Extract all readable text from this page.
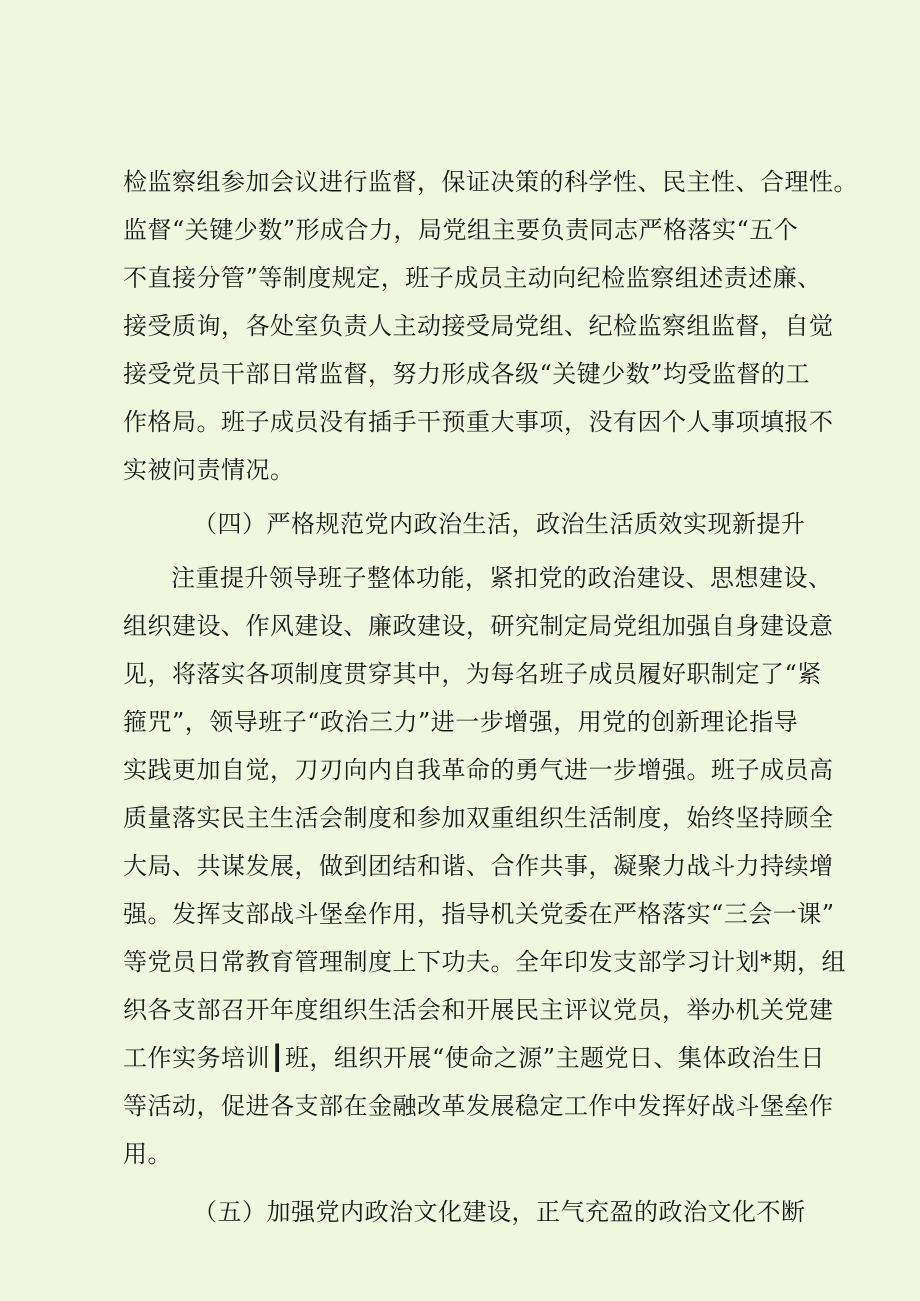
检监察组参加会议进行监督，保证决策的科学性、民主性、合理性。
监督“关键少数”形成合力，局党组主要负责同志严格落实“五个
不直接分管”等制度规定，班子成员主动向纪检监察组述责述廉、
接受质询，各处室负责人主动接受局党组、纪检监察组监督，自觉
接受党员干部日常监督，努力形成各级“关键少数”均受监督的工
作格局。班子成员没有插手干预重大事项，没有因个人事项填报不
实被问责情况。
（四）严格规范党内政治生活，政治生活质效实现新提升
注重提升领导班子整体功能，紧扣党的政治建设、思想建设、
组织建设、作风建设、廉政建设，研究制定局党组加强自身建设意
见，将落实各项制度贯穿其中，为每名班子成员履好职制定了“紧
箍咒”，领导班子“政治三力”进一步增强，用党的创新理论指导
实践更加自觉，刀刃向内自我革命的勇气进一步增强。班子成员高
质量落实民主生活会制度和参加双重组织生活制度，始终坚持顾全
大局、共谋发展，做到团结和谐、合作共事，凝聚力战斗力持续增
强。发挥支部战斗堡垒作用，指导机关党委在严格落实“三会一课”
等党员日常教育管理制度上下功夫。全年印发支部学习计划*期，组
织各支部召开年度组织生活会和开展民主评议党员，举办机关党建
工作实务培训┃班，组织开展“使命之源”主题党日、集体政治生日
等活动，促进各支部在金融改革发展稳定工作中发挥好战斗堡垒作
用。
（五）加强党内政治文化建设，正气充盈的政治文化不断
